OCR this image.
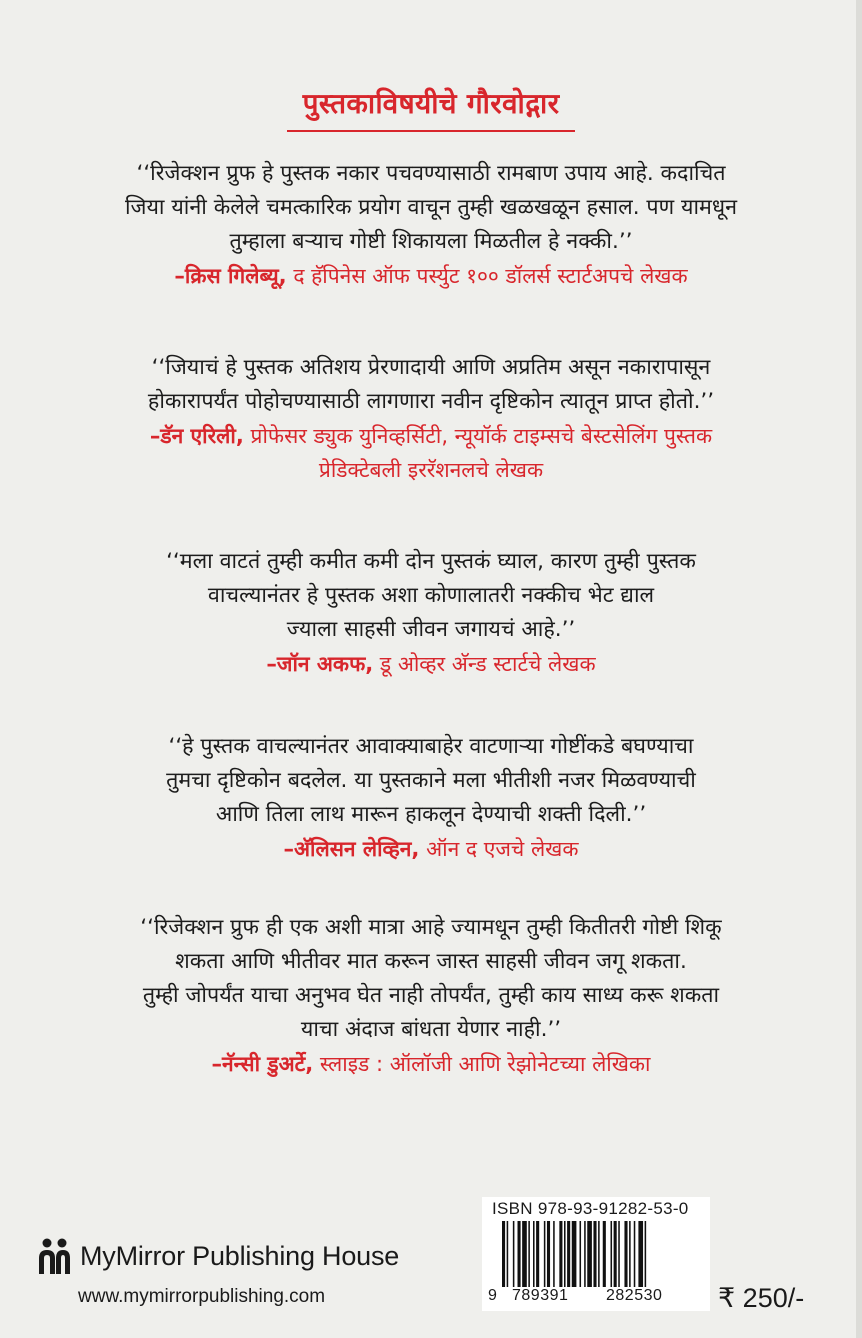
पुस्तकाविषयीचे गौरवोद्गार

‘‘रिजेक्शन प्रुफ हे पुस्तक नकार पचवण्यासाठी रामबाण उपाय आहे. कदाचित

जिया यांनी केलेले चमत्कारिक प्रयोग वाचून तुम्ही खळखळून हसाल. पण यामधून

तुम्हाला बऱ्याच गोष्टी शिकायला मिळतील हे नक्की.’’

–क्रिस गिलेब्यू, द हॅपिनेस ऑफ पर्स्युट १०० डॉलर्स स्टार्टअपचे लेखक

‘‘जियाचं हे पुस्तक अतिशय प्रेरणादायी आणि अप्रतिम असून नकारापासून

होकारापर्यंत पोहोचण्यासाठी लागणारा नवीन दृष्टिकोन त्यातून प्राप्त होतो.’’

–डॅन एरिली, प्रोफेसर ड्युक युनिव्हर्सिटी, न्यूयॉर्क टाइम्सचे बेस्टसेलिंग पुस्तक

प्रेडिक्टेबली इररॅशनलचे लेखक

‘‘मला वाटतं तुम्ही कमीत कमी दोन पुस्तकं घ्याल, कारण तुम्ही पुस्तक

वाचल्यानंतर हे पुस्तक अशा कोणालातरी नक्कीच भेट द्याल

ज्याला साहसी जीवन जगायचं आहे.’’

–जॉन अकफ, डू ओव्हर अ‍ॅन्ड स्टार्टचे लेखक

‘‘हे पुस्तक वाचल्यानंतर आवाक्याबाहेर वाटणाऱ्या गोष्टींकडे बघण्याचा

तुमचा दृष्टिकोन बदलेल. या पुस्तकाने मला भीतीशी नजर मिळवण्याची

आणि तिला लाथ मारून हाकलून देण्याची शक्ती दिली.’’

–अ‍ॅलिसन लेव्हिन, ऑन द एजचे लेखक

‘‘रिजेक्शन प्रुफ ही एक अशी मात्रा आहे ज्यामधून तुम्ही कितीतरी गोष्टी शिकू

शकता आणि भीतीवर मात करून जास्त साहसी जीवन जगू शकता.

तुम्ही जोपर्यंत याचा अनुभव घेत नाही तोपर्यंत, तुम्ही काय साध्य करू शकता

याचा अंदाज बांधता येणार नाही.’’

–नॅन्सी डुअर्टे, स्लाइड : ऑलॉजी आणि रेझोनेटच्या लेखिका

MyMirror Publishing House
www.mymirrorpublishing.com
ISBN 978-93-91282-53-0
9 789391 282530 ₹ 250/-
